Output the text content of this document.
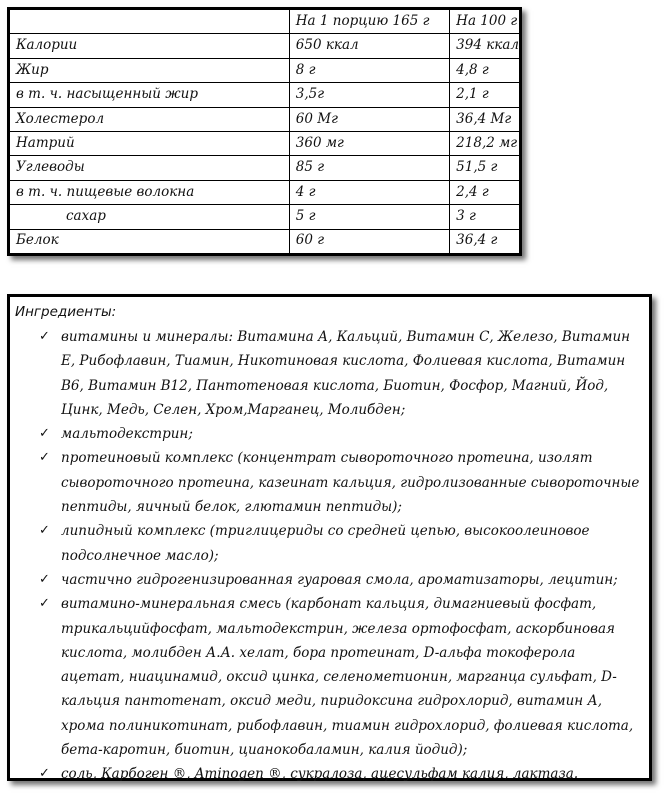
	На 1 порцию 165 г	На 100 г
Калории	650 ккал	394 ккал
Жир	8 г	4,8 г
в т. ч. насыщенный жир	3,5г	2,1 г
Холестерол	60 Мг	36,4 Мг
Натрий	360 мг	218,2 мг
Углеводы	85 г	51,5 г
в т. ч. пищевые волокна	4 г	2,4 г
сахар	5 г	3 г
Белок	60 г	36,4 г
Ингредиенты:
✓ витамины и минералы: Витамина А, Кальций, Витамин С, Железо, Витамин Е, Рибофлавин, Тиамин, Никотиновая кислота, Фолиевая кислота, Витамин В6, Витамин В12, Пантотеновая кислота, Биотин, Фосфор, Магний, Йод, Цинк, Медь, Селен, Хром,Марганец, Молибден;
✓ мальтодекстрин;
✓ протеиновый комплекс (концентрат сывороточного протеина, изолят сывороточного протеина, казеинат кальция, гидролизованные сывороточные пептиды, яичный белок, глютамин пептиды);
✓ липидный комплекс (триглицериды со средней цепью, высокоолеиновое подсолнечное масло);
✓ частично гидрогенизированная гуаровая смола, ароматизаторы, лецитин;
✓ витамино-минеральная смесь (карбонат кальция, димагниевый фосфат, трикальцийфосфат, мальтодекстрин, железа ортофосфат, аскорбиновая кислота, молибден А.А. хелат, бора протеинат, D-альфа токоферола ацетат, ниацинамид, оксид цинка, селенометионин, марганца сульфат, D-кальция пантотенат, оксид меди, пиридоксина гидрохлорид, витамин А, хрома полиникотинат, рибофлавин, тиамин гидрохлорид, фолиевая кислота, бета-каротин, биотин, цианокобаламин, калия йодид);
✓ соль, Карбоген ®, Aminogen ®, сукралоза, ацесульфам калия, лактаза.
